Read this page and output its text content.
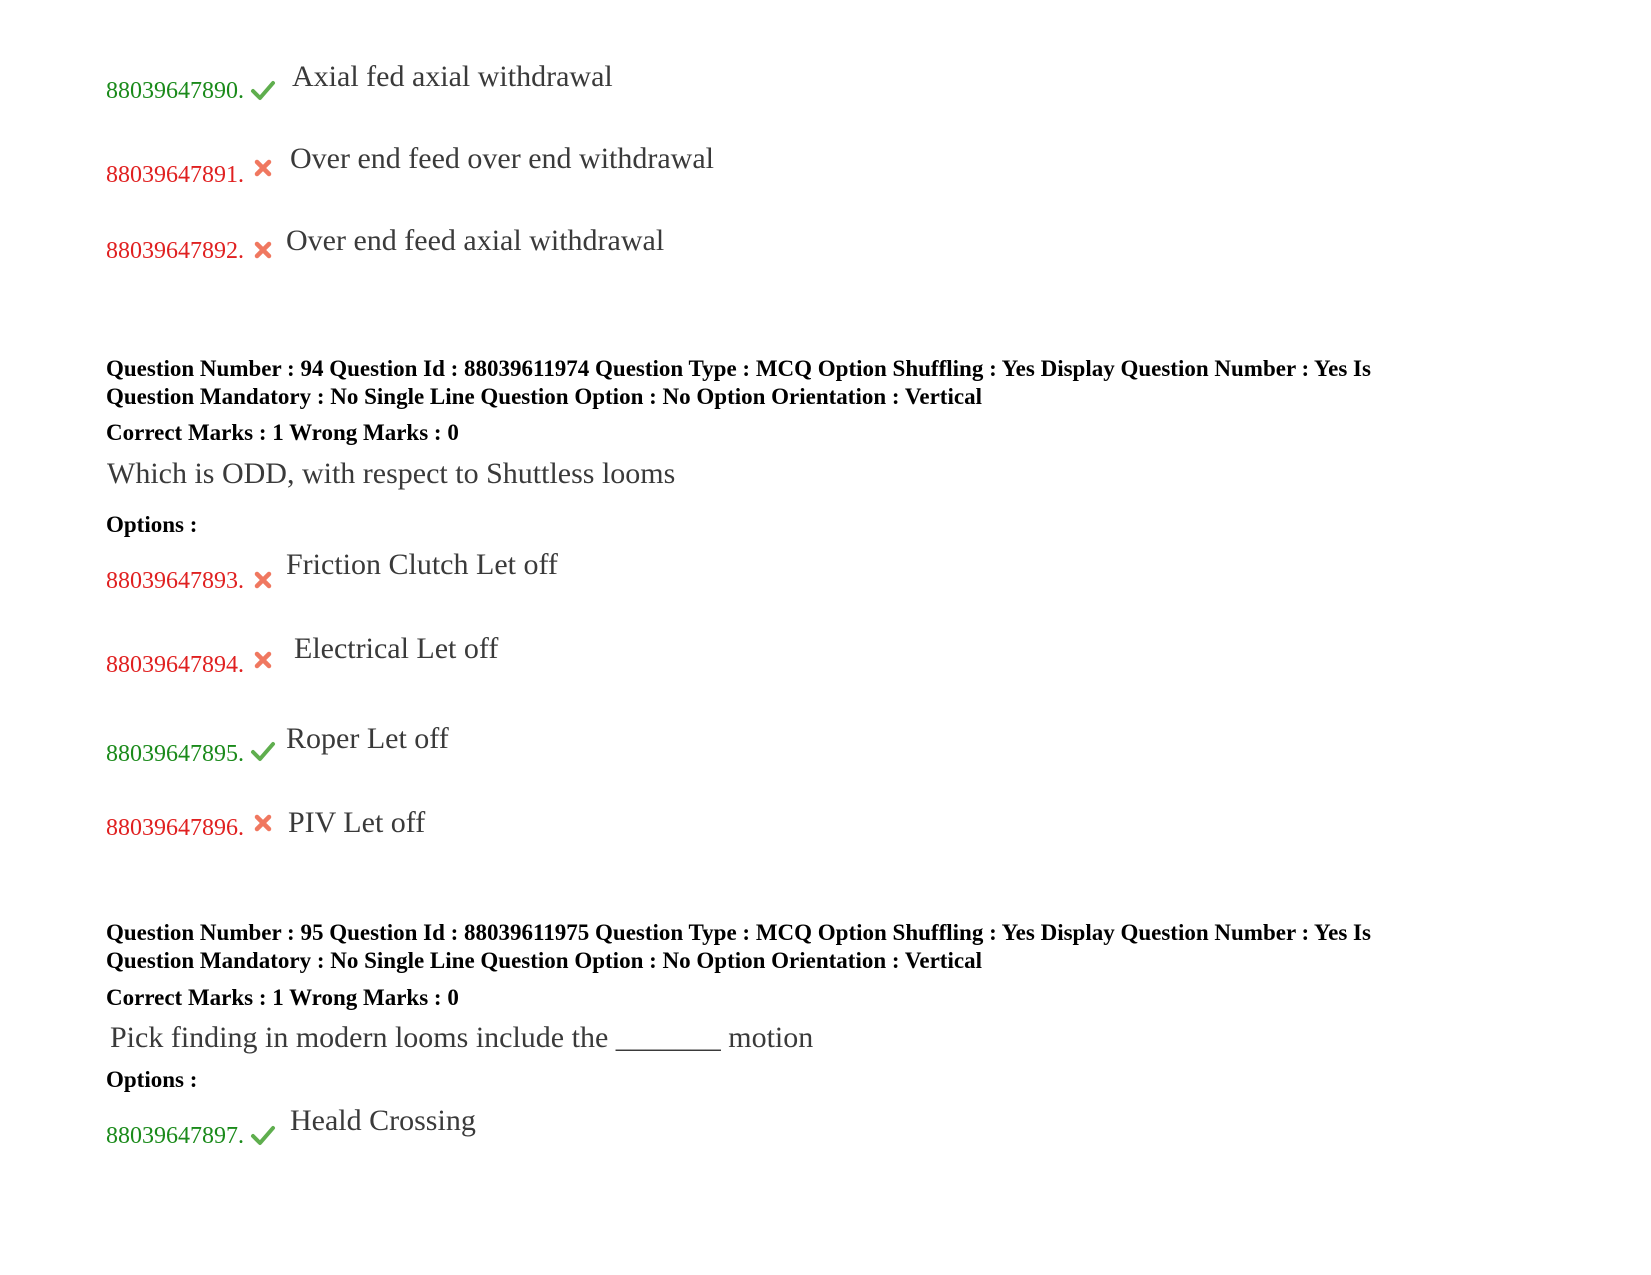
88039647890. Axial fed axial withdrawal
88039647891. Over end feed over end withdrawal
88039647892. Over end feed axial withdrawal
Question Number : 94 Question Id : 88039611974 Question Type : MCQ Option Shuffling : Yes Display Question Number : Yes Is
Question Mandatory : No Single Line Question Option : No Option Orientation : Vertical
Correct Marks : 1 Wrong Marks : 0
Which is ODD, with respect to Shuttless looms
Options :
88039647893. Friction Clutch Let off
88039647894. Electrical Let off
88039647895. Roper Let off
88039647896. PIV Let off
Question Number : 95 Question Id : 88039611975 Question Type : MCQ Option Shuffling : Yes Display Question Number : Yes Is
Question Mandatory : No Single Line Question Option : No Option Orientation : Vertical
Correct Marks : 1 Wrong Marks : 0
Pick finding in modern looms include the _______ motion
Options :
88039647897. Heald Crossing
